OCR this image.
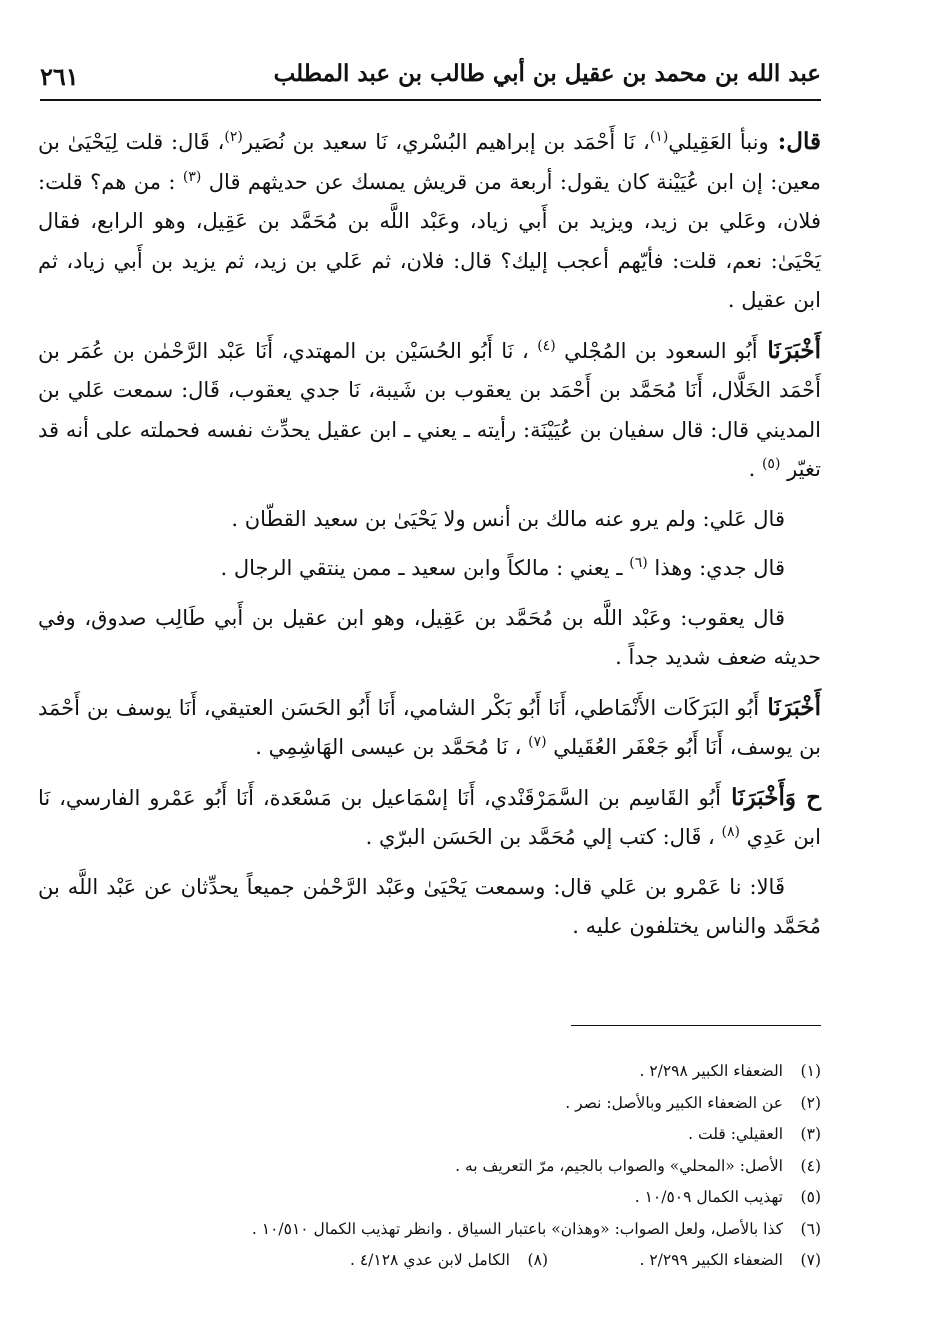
عبد الله بن محمد بن عقيل بن أبي طالب بن عبد المطلب
٢٦١

قال: ونبأ العَقِيلي$^{(١)}$، نَا أَحْمَد بن إبراهيم البُسْري، نَا سعيد بن نُصَير$^{(٢)}$، قَال: قلت لِيَحْيَىٰ بن معين: إن ابن عُيَيْنة كان يقول: أربعة من قريش يمسك عن حديثهم قال $^{(٣)}$ : من هم؟ قلت: فلان، وعَلي بن زيد، ويزيد بن أَبي زياد، وعَبْد اللَّه بن مُحَمَّد بن عَقِيل، وهو الرابع، فقال يَحْيَىٰ: نعم، قلت: فأيّهم أعجب إليك؟ قال: فلان، ثم عَلي بن زيد، ثم يزيد بن أَبي زياد، ثم ابن عقيل .

أَخْبَرَنَا أَبُو السعود بن المُجْلي $^{(٤)}$ ، نَا أَبُو الحُسَيْن بن المهتدي، أَنَا عَبْد الرَّحْمٰن بن عُمَر بن أَحْمَد الخَلَّال، أَنَا مُحَمَّد بن أَحْمَد بن يعقوب بن شَيبة، نَا جدي يعقوب، قَال: سمعت عَلي بن المديني قال: قال سفيان بن عُيَيْنَة: رأيته ـ يعني ـ ابن عقيل يحدِّث نفسه فحملته على أنه قد تغيّر $^{(٥)}$ .

قال عَلي: ولم يرو عنه مالك بن أنس ولا يَحْيَىٰ بن سعيد القطّان .

قال جدي: وهذا $^{(٦)}$ ـ يعني : مالكاً وابن سعيد ـ ممن ينتقي الرجال .

قال يعقوب: وعَبْد اللَّه بن مُحَمَّد بن عَقِيل، وهو ابن عقيل بن أَبي طَالِب صدوق، وفي حديثه ضعف شديد جداً .

أَخْبَرَنَا أَبُو البَرَكَات الأَنْمَاطي، أَنَا أَبُو بَكْر الشامي، أَنَا أَبُو الحَسَن العتيقي، أَنَا يوسف بن أَحْمَد بن يوسف، أَنَا أَبُو جَعْفَر العُقَيلي $^{(٧)}$ ، نَا مُحَمَّد بن عيسى الهَاشِمِي .

ح وَأَخْبَرَنَا أَبُو القَاسِم بن السَّمَرْقَنْدي، أَنَا إسْمَاعيل بن مَسْعَدة، أَنَا أَبُو عَمْرو الفارسي، نَا ابن عَدِي $^{(٨)}$ ، قَال: كتب إلي مُحَمَّد بن الحَسَن البرّي .

قَالا: نا عَمْرو بن عَلي قال: وسمعت يَحْيَىٰ وعَبْد الرَّحْمٰن جميعاً يحدِّثان عن عَبْد اللَّه بن مُحَمَّد والناس يختلفون عليه .

(١)الضعفاء الكبير ٢/٢٩٨ .
(٢)عن الضعفاء الكبير وبالأصل: نصر .
(٣)العقيلي: قلت .
(٤)الأصل: «المحلي» والصواب بالجيم، مرّ التعريف به .
(٥)تهذيب الكمال ١٠/٥٠٩ .
(٦)كذا بالأصل، ولعل الصواب: «وهذان» باعتبار السياق . وانظر تهذيب الكمال ١٠/٥١٠ .
(٧)الضعفاء الكبير ٢/٢٩٩ .
(٨)الكامل لابن عدي ٤/١٢٨ .
